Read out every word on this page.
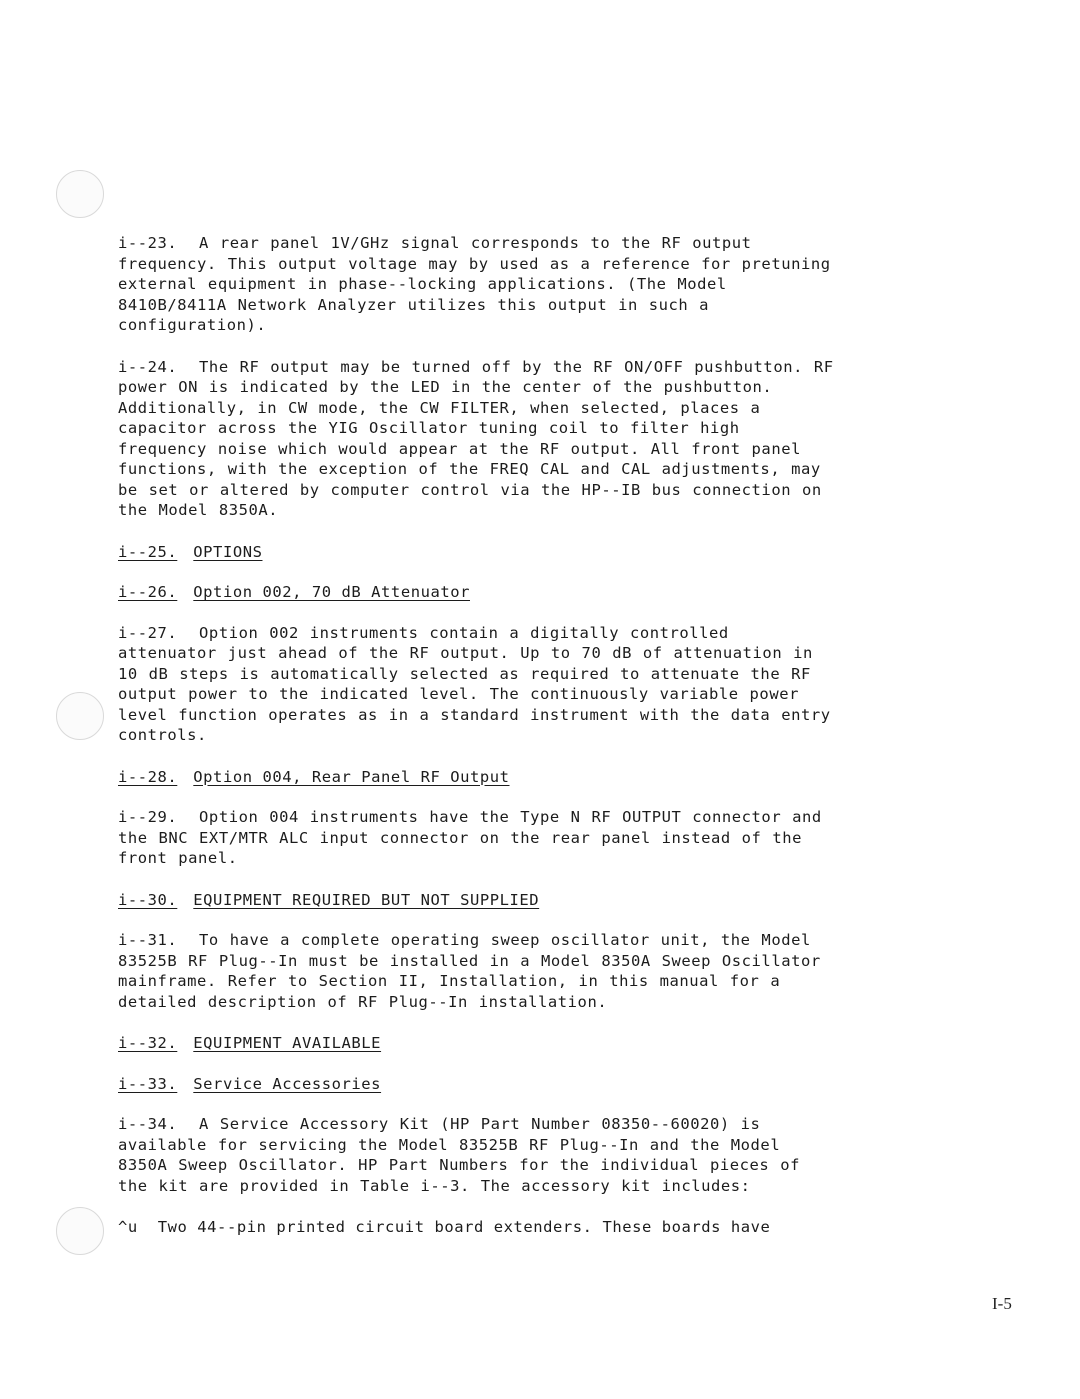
i--23.  A rear panel 1V/GHz signal corresponds to the RF output
frequency. This output voltage may by used as a reference for pretuning
external equipment in phase--locking applications. (The Model
8410B/8411A Network Analyzer utilizes this output in such a
configuration).

i--24.  The RF output may be turned off by the RF ON/OFF pushbutton. RF
power ON is indicated by the LED in the center of the pushbutton.
Additionally, in CW mode, the CW FILTER, when selected, places a
capacitor across the YIG Oscillator tuning coil to filter high
frequency noise which would appear at the RF output. All front panel
functions, with the exception of the FREQ CAL and CAL adjustments, may
be set or altered by computer control via the HP--IB bus connection on
the Model 8350A.

i--25. OPTIONS
i--26. Option 002, 70 dB Attenuator

i--27.  Option 002 instruments contain a digitally controlled
attenuator just ahead of the RF output. Up to 70 dB of attenuation in
10 dB steps is automatically selected as required to attenuate the RF
output power to the indicated level. The continuously variable power
level function operates as in a standard instrument with the data entry
controls.

i--28. Option 004, Rear Panel RF Output

i--29.  Option 004 instruments have the Type N RF OUTPUT connector and
the BNC EXT/MTR ALC input connector on the rear panel instead of the
front panel.

i--30. EQUIPMENT REQUIRED BUT NOT SUPPLIED

i--31.  To have a complete operating sweep oscillator unit, the Model
83525B RF Plug--In must be installed in a Model 8350A Sweep Oscillator
mainframe. Refer to Section II, Installation, in this manual for a
detailed description of RF Plug--In installation.

i--32. EQUIPMENT AVAILABLE
i--33. Service Accessories

i--34.  A Service Accessory Kit (HP Part Number 08350--60020) is
available for servicing the Model 83525B RF Plug--In and the Model
8350A Sweep Oscillator. HP Part Numbers for the individual pieces of
the kit are provided in Table i--3. The accessory kit includes:

^u Two 44--pin printed circuit board extenders. These boards have
I-5
